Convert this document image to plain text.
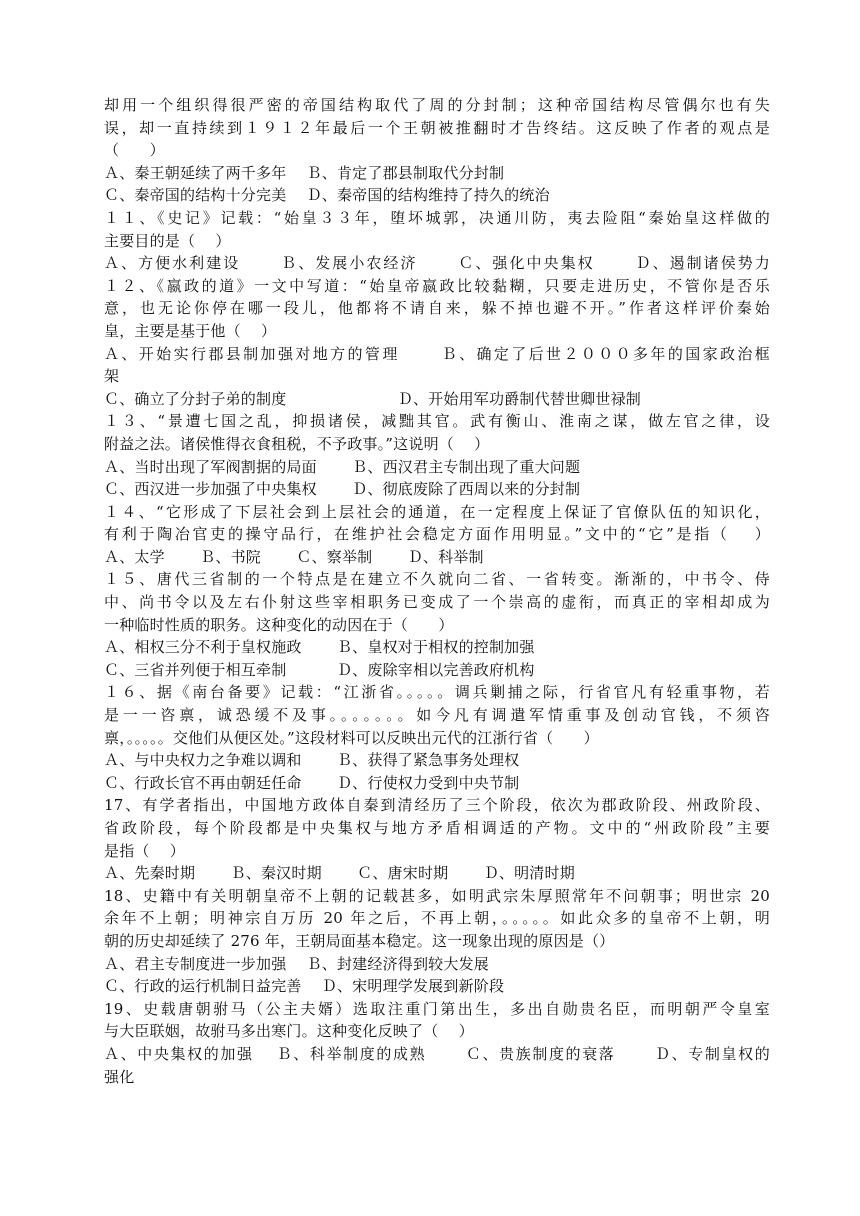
却用一个组织得很严密的帝国结构取代了周的分封制；这种帝国结构尽管偶尔也有失
误，却一直持续到１９１２年最后一个王朝被推翻时才告终结。这反映了作者的观点是
（　　）
Ａ、秦王朝延续了两千多年　 Ｂ、肯定了郡县制取代分封制
Ｃ、秦帝国的结构十分完美　 Ｄ、秦帝国的结构维持了持久的统治
１１、《史记》记载：“始皇３３年，堕坏城郭，决通川防，夷去险阻“秦始皇这样做的
主要目的是（　 ）
Ａ、方便水利建设　　 Ｂ、发展小农经济　　 Ｃ、强化中央集权　　 Ｄ、遏制诸侯势力
１２、《嬴政的道》一文中写道：“始皇帝嬴政比较黏糊，只要走进历史，不管你是否乐
意，也无论你停在哪一段儿，他都将不请自来，躲不掉也避不开。”作者这样评价秦始
皇，主要是基于他（　 ）
Ａ、开始实行郡县制加强对地方的管理　　 Ｂ、确定了后世２０００多年的国家政治框
架
Ｃ、确立了分封子弟的制度　　　　　　　 Ｄ、开始用军功爵制代替世卿世禄制
１３、“景遭七国之乱，抑损诸侯，减黜其官。武有衡山、淮南之谋，做左官之律，设
附益之法。诸侯惟得衣食租税，不予政事。”这说明（　 ）
Ａ、当时出现了军阀割据的局面　　 Ｂ、西汉君主专制出现了重大问题
Ｃ、西汉进一步加强了中央集权　　 Ｄ、彻底废除了西周以来的分封制
１４、“它形成了下层社会到上层社会的通道，在一定程度上保证了官僚队伍的知识化，
有利于陶冶官吏的操守品行，在维护社会稳定方面作用明显。”文中的“它”是指（　 ）
Ａ、太学　　 Ｂ、书院　　 Ｃ、察举制　　 Ｄ、科举制
１５、唐代三省制的一个特点是在建立不久就向二省、一省转变。渐渐的，中书令、侍
中、尚书令以及左右仆射这些宰相职务已变成了一个崇高的虚衔，而真正的宰相却成为
一种临时性质的职务。这种变化的动因在于（　　）
Ａ、相权三分不利于皇权施政　　 Ｂ、皇权对于相权的控制加强
Ｃ、三省并列便于相互牵制　　　 Ｄ、废除宰相以完善政府机构
１６、据《南台备要》记载：“江浙省。。。。。调兵剿捕之际，行省官凡有轻重事物，若
是一一咨禀，诚恐缓不及事。。。。。。。如今凡有调遣军情重事及创动官钱，不须咨
禀，。。。。。交他们从便区处。”这段材料可以反映出元代的江浙行省（　　）
Ａ、与中央权力之争难以调和　　 Ｂ、获得了紧急事务处理权
Ｃ、行政长官不再由朝廷任命　　 Ｄ、行使权力受到中央节制
17、有学者指出，中国地方政体自秦到清经历了三个阶段，依次为郡政阶段、州政阶段、
省政阶段，每个阶段都是中央集权与地方矛盾相调适的产物。文中的“州政阶段”主要
是指（　 ）
Ａ、先秦时期　　 Ｂ、秦汉时期　　 Ｃ、唐宋时期　　 Ｄ、明清时期
18、史籍中有关明朝皇帝不上朝的记载甚多，如明武宗朱厚照常年不问朝事；明世宗 20
余年不上朝；明神宗自万历 20 年之后，不再上朝，。。。。。如此众多的皇帝不上朝，明
朝的历史却延续了 276 年，王朝局面基本稳定。这一现象出现的原因是（）
Ａ、君主专制度进一步加强　 Ｂ、封建经济得到较大发展
Ｃ、行政的运行机制日益完善　 Ｄ、宋明理学发展到新阶段
19、史载唐朝驸马（公主夫婿）选取注重门第出生，多出自勋贵名臣，而明朝严令皇室
与大臣联姻，故驸马多出寒门。这种变化反映了（　 ）
Ａ、中央集权的加强　 Ｂ、科举制度的成熟　　 Ｃ、贵族制度的衰落　　 Ｄ、专制皇权的
强化
